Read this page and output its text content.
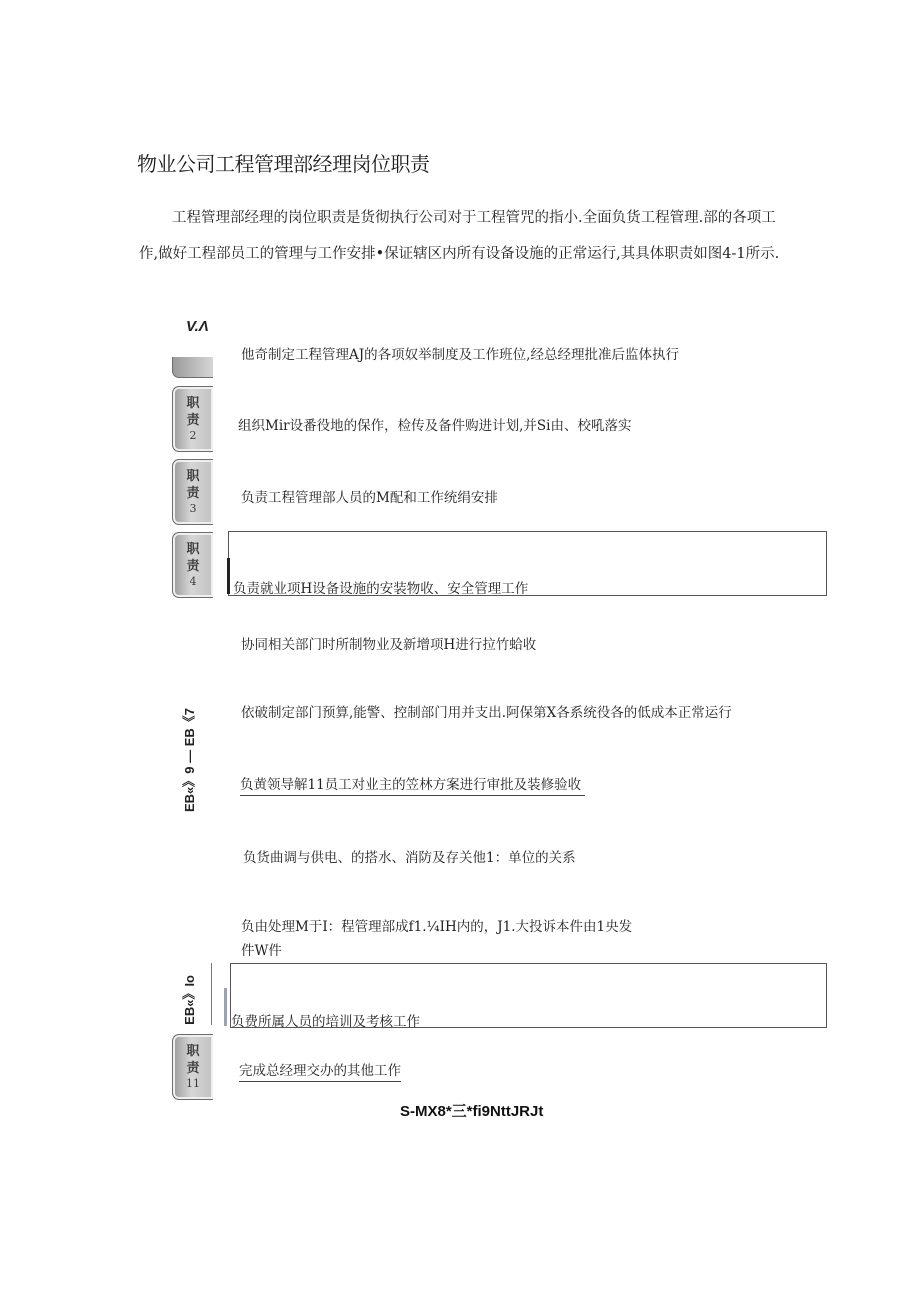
物业公司工程管理部经理岗位职责
工程管理部经理的岗位职责是货彻执行公司对于工程管咒的指小.全面负货工程管理.部的各项工作,做好工程部员工的管理与工作安排•保证辖区内所有设备设施的正常运行,其具体职责如图4-1所示.
V.Λ
职
责
2
职
责
3
职
责
4
他奇制定工程管理AJ的各项奴举制度及工作班位,经总经理批准后监体执行
组织Mir设番役地的保作，检传及备件购进计划,并Si由、校吼落实
负责工程管理部人员的M配和工作统绢安排
负责就业项H设备设施的安装物收、安全管理工作
协同相关部门时所制物业及新增项H进行拉竹蛤收
依破制定部门预算,能警、控制部门用并支出.阿保第X各系统役各的低成本正常运行
EB«》9 — EB《7	负黄领导解11员工对业主的笠林方案进行审批及装修验收
负货曲调与供电、的搭水、消防及存关他1：单位的关系
负由处理M于I：程管理部成f1.¼IH内的，J1.大投诉本件由1央发件W件
EB«》Io	负费所属人员的培训及考核工作
职
责
11
完成总经理交办的其他工作
S-MX8*三*fi9NttJRJt
